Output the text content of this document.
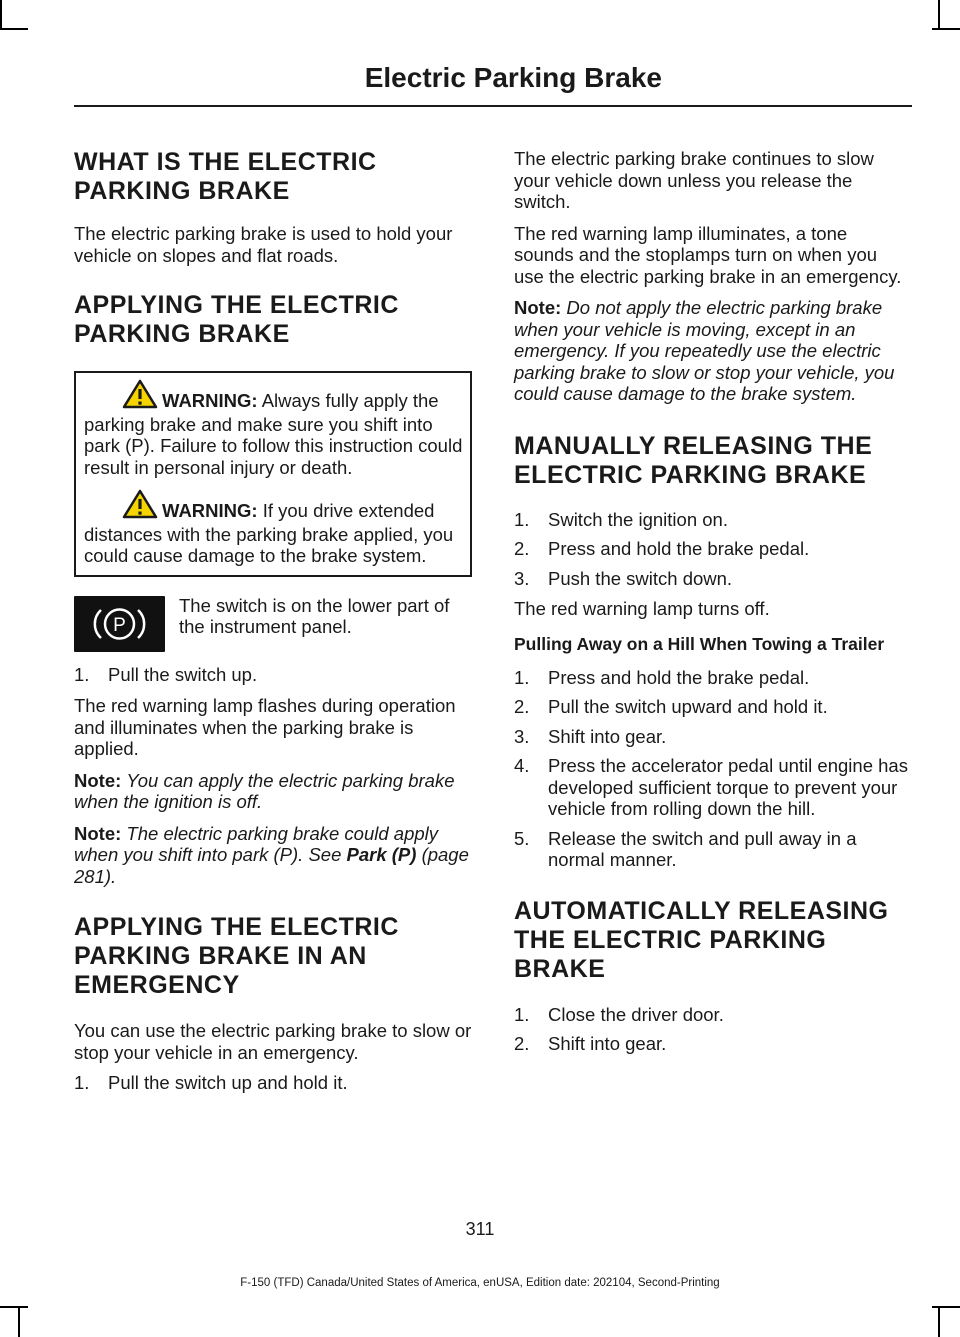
Electric Parking Brake
WHAT IS THE ELECTRIC
PARKING BRAKE

The electric parking brake is used to hold your vehicle on slopes and flat roads.

APPLYING THE ELECTRIC
PARKING BRAKE
WARNING: Always fully apply the parking brake and make sure you shift into park (P). Failure to follow this instruction could result in personal injury or death.
WARNING: If you drive extended distances with the parking brake applied, you could cause damage to the brake system.
P

The switch is on the lower part of the instrument panel.

1. Pull the switch up.

The red warning lamp flashes during operation and illuminates when the parking brake is applied.

Note: You can apply the electric parking brake when the ignition is off.

Note: The electric parking brake could apply when you shift into park (P). See Park (P) (page 281).

APPLYING THE ELECTRIC
PARKING BRAKE IN AN
EMERGENCY

You can use the electric parking brake to slow or stop your vehicle in an emergency.

1. Pull the switch up and hold it.

The electric parking brake continues to slow your vehicle down unless you release the switch.

The red warning lamp illuminates, a tone sounds and the stoplamps turn on when you use the electric parking brake in an emergency.

Note: Do not apply the electric parking brake when your vehicle is moving, except in an emergency. If you repeatedly use the electric parking brake to slow or stop your vehicle, you could cause damage to the brake system.

MANUALLY RELEASING THE
ELECTRIC PARKING BRAKE
1. Switch the ignition on.
2. Press and hold the brake pedal.
3. Push the switch down.

The red warning lamp turns off.

Pulling Away on a Hill When Towing a Trailer
1. Press and hold the brake pedal.
2. Pull the switch upward and hold it.
3. Shift into gear.
4. Press the accelerator pedal until engine has developed sufficient torque to prevent your vehicle from rolling down the hill.
5. Release the switch and pull away in a normal manner.
AUTOMATICALLY RELEASING
THE ELECTRIC PARKING
BRAKE
1. Close the driver door.
2. Shift into gear.
311
F-150 (TFD) Canada/United States of America, enUSA, Edition date: 202104, Second-Printing
